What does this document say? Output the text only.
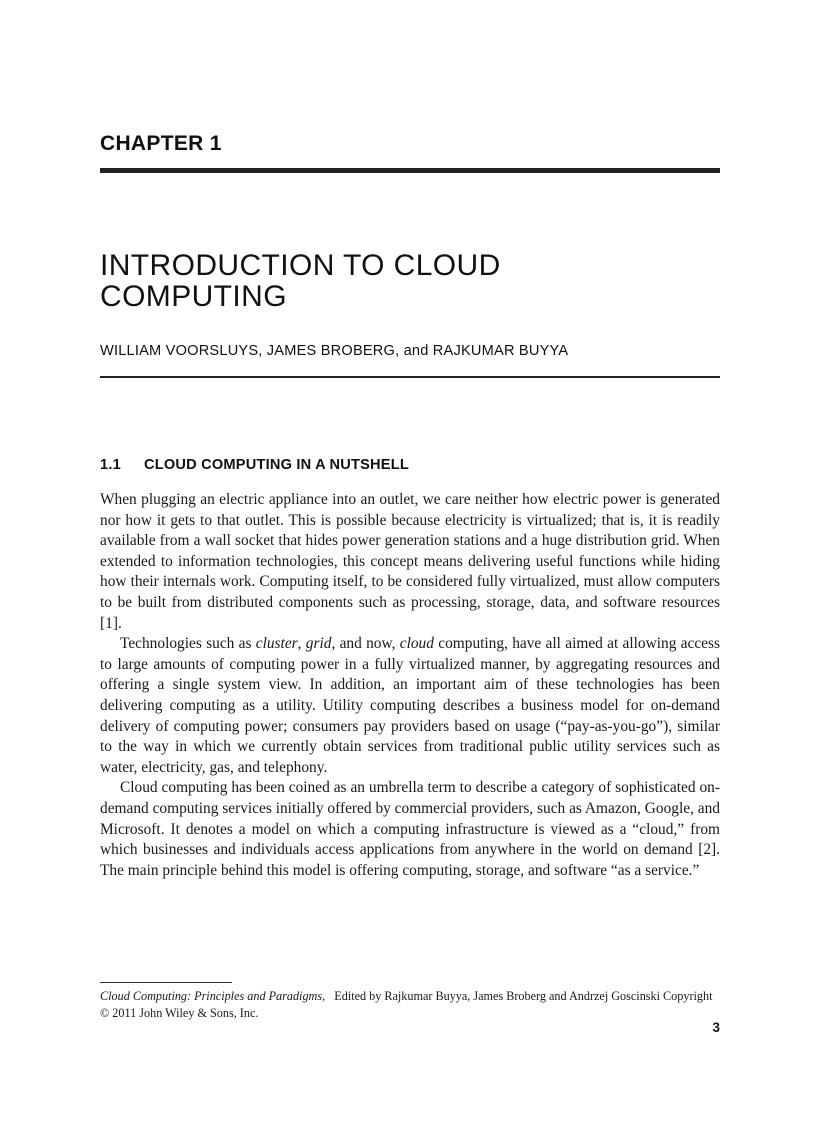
CHAPTER 1
INTRODUCTION TO CLOUD
COMPUTING
WILLIAM VOORSLUYS, JAMES BROBERG, and RAJKUMAR BUYYA
1.1 CLOUD COMPUTING IN A NUTSHELL

When plugging an electric appliance into an outlet, we care neither how electric power is generated nor how it gets to that outlet. This is possible because electricity is virtualized; that is, it is readily available from a wall socket that hides power generation stations and a huge distribution grid. When extended to information technologies, this concept means delivering useful functions while hiding how their internals work. Computing itself, to be considered fully virtualized, must allow computers to be built from distributed components such as processing, storage, data, and software resources [1].

Technologies such as cluster, grid, and now, cloud computing, have all aimed at allowing access to large amounts of computing power in a fully virtualized manner, by aggregating resources and offering a single system view. In addition, an important aim of these technologies has been delivering computing as a utility. Utility computing describes a business model for on-demand delivery of computing power; consumers pay providers based on usage (“pay-as-you-go”), similar to the way in which we currently obtain services from traditional public utility services such as water, electricity, gas, and telephony.

Cloud computing has been coined as an umbrella term to describe a category of sophisticated on-demand computing services initially offered by commercial providers, such as Amazon, Google, and Microsoft. It denotes a model on which a computing infrastructure is viewed as a “cloud,” from which businesses and individuals access applications from anywhere in the world on demand [2]. The main principle behind this model is offering computing, storage, and software “as a service.”

Cloud Computing: Principles and Paradigms, Edited by Rajkumar Buyya, James Broberg and Andrzej Goscinski Copyright © 2011 John Wiley & Sons, Inc.
3
